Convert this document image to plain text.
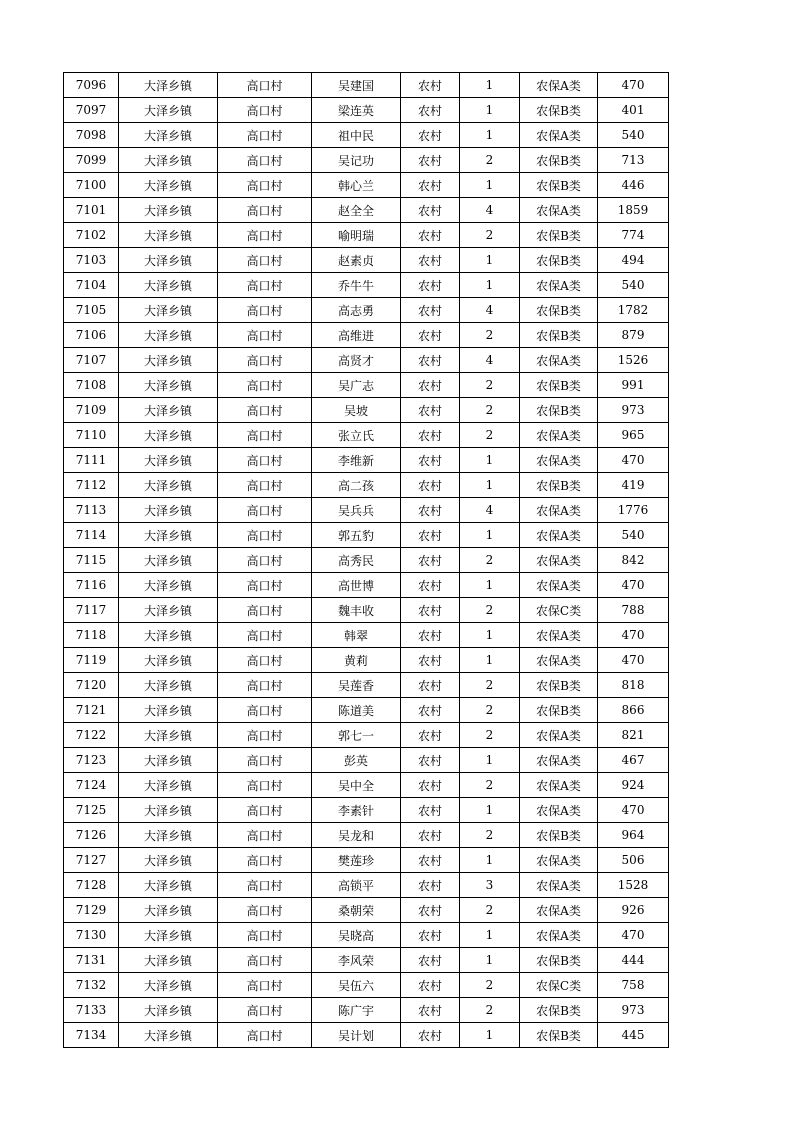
7096	大泽乡镇	高口村	吴建国	农村	1	农保A类	470
7097	大泽乡镇	高口村	梁连英	农村	1	农保B类	401
7098	大泽乡镇	高口村	祖中民	农村	1	农保A类	540
7099	大泽乡镇	高口村	吴记功	农村	2	农保B类	713
7100	大泽乡镇	高口村	韩心兰	农村	1	农保B类	446
7101	大泽乡镇	高口村	赵全全	农村	4	农保A类	1859
7102	大泽乡镇	高口村	喻明瑞	农村	2	农保B类	774
7103	大泽乡镇	高口村	赵素贞	农村	1	农保B类	494
7104	大泽乡镇	高口村	乔牛牛	农村	1	农保A类	540
7105	大泽乡镇	高口村	高志勇	农村	4	农保B类	1782
7106	大泽乡镇	高口村	高维进	农村	2	农保B类	879
7107	大泽乡镇	高口村	高贤才	农村	4	农保A类	1526
7108	大泽乡镇	高口村	吴广志	农村	2	农保B类	991
7109	大泽乡镇	高口村	吴坡	农村	2	农保B类	973
7110	大泽乡镇	高口村	张立氏	农村	2	农保A类	965
7111	大泽乡镇	高口村	李维新	农村	1	农保A类	470
7112	大泽乡镇	高口村	高二孩	农村	1	农保B类	419
7113	大泽乡镇	高口村	吴兵兵	农村	4	农保A类	1776
7114	大泽乡镇	高口村	郭五豹	农村	1	农保A类	540
7115	大泽乡镇	高口村	高秀民	农村	2	农保A类	842
7116	大泽乡镇	高口村	高世博	农村	1	农保A类	470
7117	大泽乡镇	高口村	魏丰收	农村	2	农保C类	788
7118	大泽乡镇	高口村	韩翠	农村	1	农保A类	470
7119	大泽乡镇	高口村	黄莉	农村	1	农保A类	470
7120	大泽乡镇	高口村	吴莲香	农村	2	农保B类	818
7121	大泽乡镇	高口村	陈道美	农村	2	农保B类	866
7122	大泽乡镇	高口村	郭七一	农村	2	农保A类	821
7123	大泽乡镇	高口村	彭英	农村	1	农保A类	467
7124	大泽乡镇	高口村	吴中全	农村	2	农保A类	924
7125	大泽乡镇	高口村	李素针	农村	1	农保A类	470
7126	大泽乡镇	高口村	吴龙和	农村	2	农保B类	964
7127	大泽乡镇	高口村	樊莲珍	农村	1	农保A类	506
7128	大泽乡镇	高口村	高锁平	农村	3	农保A类	1528
7129	大泽乡镇	高口村	桑朝荣	农村	2	农保A类	926
7130	大泽乡镇	高口村	吴晓高	农村	1	农保A类	470
7131	大泽乡镇	高口村	李风荣	农村	1	农保B类	444
7132	大泽乡镇	高口村	吴伍六	农村	2	农保C类	758
7133	大泽乡镇	高口村	陈广宇	农村	2	农保B类	973
7134	大泽乡镇	高口村	吴计划	农村	1	农保B类	445
